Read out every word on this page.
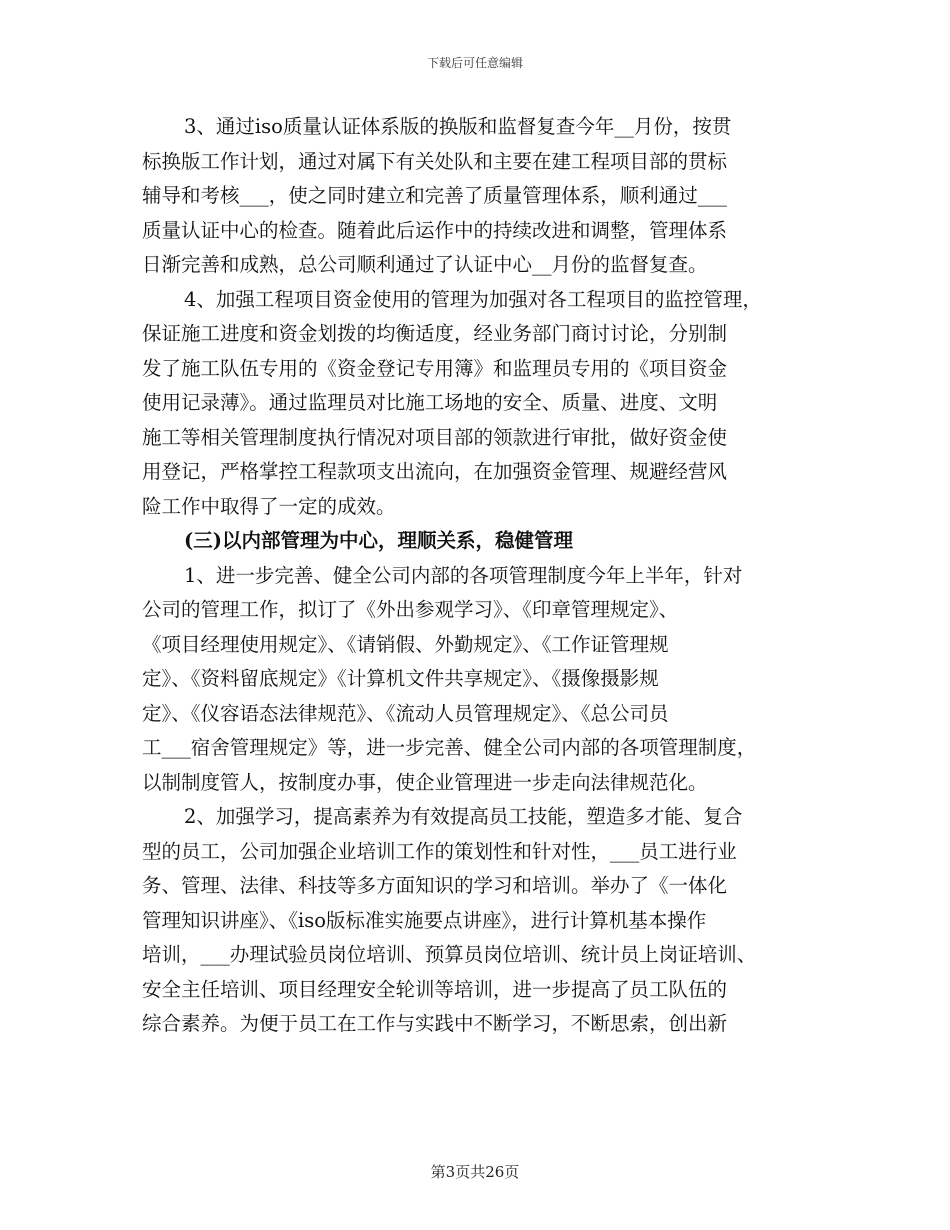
下载后可任意编辑
3、通过iso质量认证体系版的换版和监督复查今年__月份，按贯
标换版工作计划，通过对属下有关处队和主要在建工程项目部的贯标
辅导和考核___，使之同时建立和完善了质量管理体系，顺利通过___
质量认证中心的检查。随着此后运作中的持续改进和调整，管理体系
日渐完善和成熟，总公司顺利通过了认证中心__月份的监督复查。
4、加强工程项目资金使用的管理为加强对各工程项目的监控管理，
保证施工进度和资金划拨的均衡适度，经业务部门商讨讨论，分别制
发了施工队伍专用的《资金登记专用簿》和监理员专用的《项目资金
使用记录薄》。通过监理员对比施工场地的安全、质量、进度、文明
施工等相关管理制度执行情况对项目部的领款进行审批，做好资金使
用登记，严格掌控工程款项支出流向，在加强资金管理、规避经营风
险工作中取得了一定的成效。
(三)以内部管理为中心，理顺关系，稳健管理
1、进一步完善、健全公司内部的各项管理制度今年上半年，针对
公司的管理工作，拟订了《外出参观学习》、《印章管理规定》、
《项目经理使用规定》、《请销假、外勤规定》、《工作证管理规
定》、《资料留底规定》《计算机文件共享规定》、《摄像摄影规
定》、《仪容语态法律规范》、《流动人员管理规定》、《总公司员
工___宿舍管理规定》等，进一步完善、健全公司内部的各项管理制度，
以制制度管人，按制度办事，使企业管理进一步走向法律规范化。
2、加强学习，提高素养为有效提高员工技能，塑造多才能、复合
型的员工，公司加强企业培训工作的策划性和针对性，___员工进行业
务、管理、法律、科技等多方面知识的学习和培训。举办了《一体化
管理知识讲座》、《iso版标准实施要点讲座》，进行计算机基本操作
培训，___办理试验员岗位培训、预算员岗位培训、统计员上岗证培训、
安全主任培训、项目经理安全轮训等培训，进一步提高了员工队伍的
综合素养。为便于员工在工作与实践中不断学习，不断思索，创出新
第3页共26页
